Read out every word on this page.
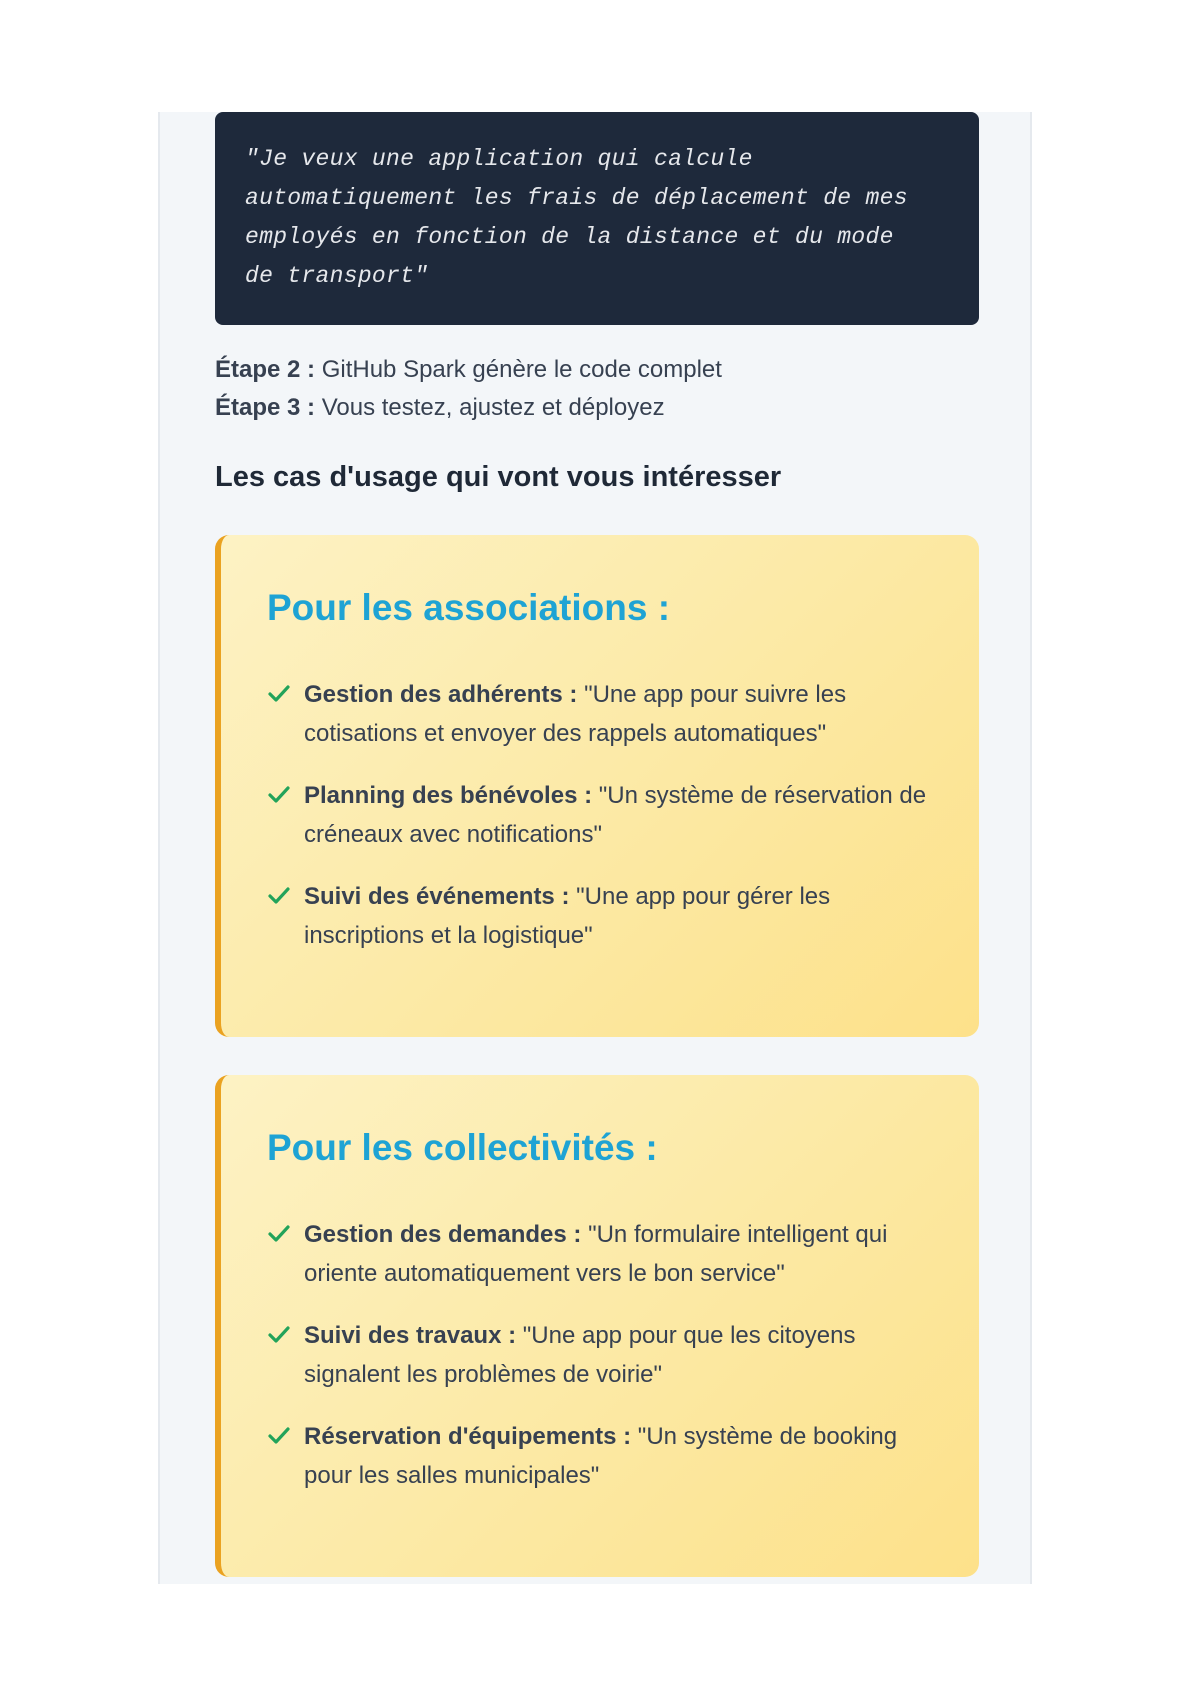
"Je veux une application qui calcule
automatiquement les frais de déplacement de mes
employés en fonction de la distance et du mode
de transport"
Étape 2 : GitHub Spark génère le code complet
Étape 3 : Vous testez, ajustez et déployez
Les cas d'usage qui vont vous intéresser
Pour les associations :
Gestion des adhérents : "Une app pour suivre les cotisations et envoyer des rappels automatiques"
Planning des bénévoles : "Un système de réservation de créneaux avec notifications"
Suivi des événements : "Une app pour gérer les inscriptions et la logistique"
Pour les collectivités :
Gestion des demandes : "Un formulaire intelligent qui oriente automatiquement vers le bon service"
Suivi des travaux : "Une app pour que les citoyens signalent les problèmes de voirie"
Réservation d'équipements : "Un système de booking pour les salles municipales"
